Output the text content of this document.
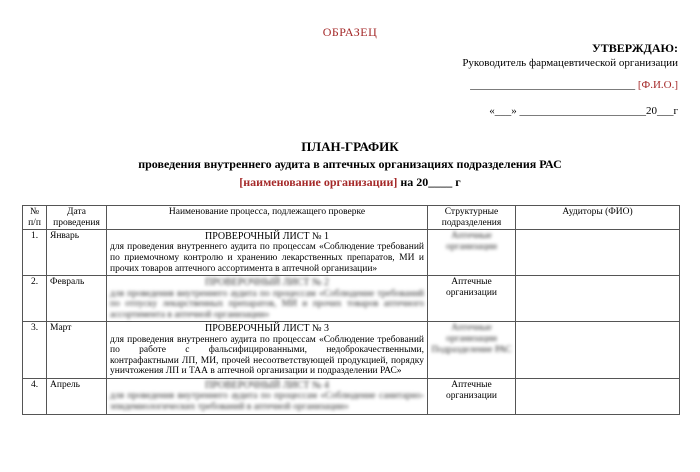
ОБРАЗЕЦ
УТВЕРЖДАЮ:
Руководитель фармацевтической организации
______________________________ [Ф.И.О.]
«___» _______________________20___г
ПЛАН-ГРАФИК
проведения внутреннего аудита в аптечных организациях подразделения РАС
[наименование организации] на 20____ г
№ п/п	Дата проведения	Наименование процесса, подлежащего проверке	Структурные подразделения	Аудиторы (ФИО)
1.	Январь	ПРОВЕРОЧНЫЙ ЛИСТ № 1
для проведения внутреннего аудита по процессам «Соблюдение требований по приемочному контролю и хранению лекарственных препаратов, МИ и прочих товаров аптечного ассортимента в аптечной организации»	Аптечные организации	
2.	Февраль	ПРОВЕРОЧНЫЙ ЛИСТ № 2
для проведения внутреннего аудита по процессам «Соблюдение требований по отпуску лекарственных препаратов, МИ и прочих товаров аптечного ассортимента в аптечной организации»	Аптечные организации	
3.	Март	ПРОВЕРОЧНЫЙ ЛИСТ № 3
для проведения внутреннего аудита по процессам «Соблюдение требований по работе с фальсифицированными, недоброкачественными, контрафактными ЛП, МИ, прочей несоответствующей продукцией, порядку уничтожения ЛП и ТАА в аптечной организации и подразделении РАС»	Аптечные организации Подразделение РАС	
4.	Апрель	ПРОВЕРОЧНЫЙ ЛИСТ № 4
для проведения внутреннего аудита по процессам «Соблюдение санитарно-эпидемиологических требований в аптечной организации»	Аптечные организации	
